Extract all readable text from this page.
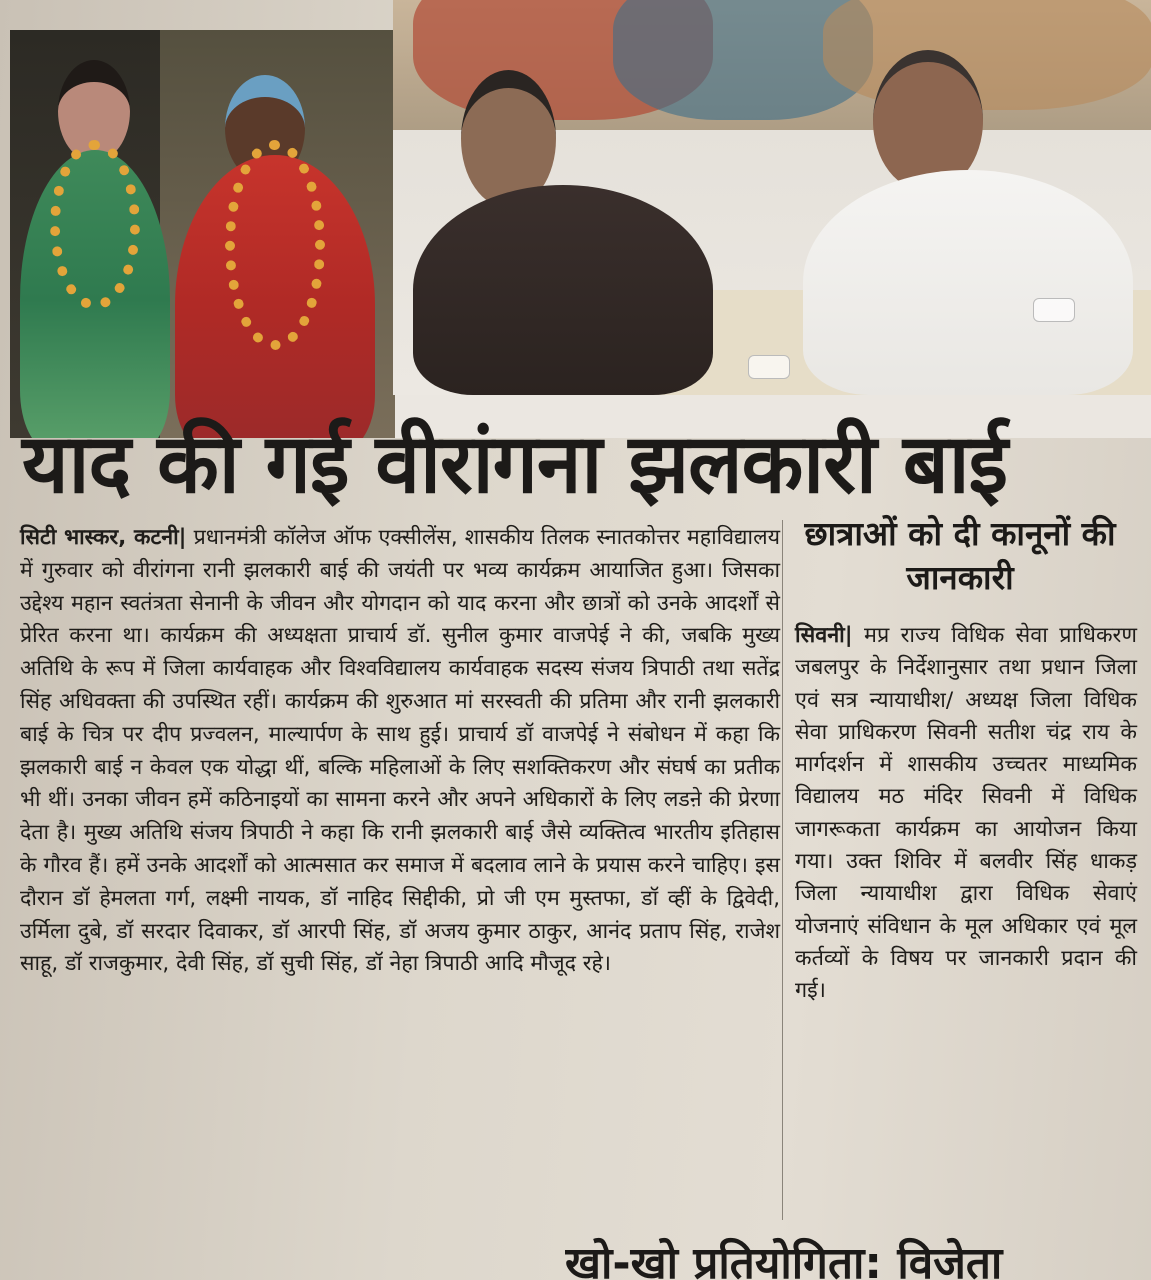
याद की गई वीरांगना झलकारी बाई
सिटी भास्कर, कटनी| प्रधानमंत्री कॉलेज ऑफ एक्सीलेंस, शासकीय तिलक स्नातकोत्तर महाविद्यालय में गुरुवार को वीरांगना रानी झलकारी बाई की जयंती पर भव्य कार्यक्रम आयाजित हुआ। जिसका उद्देश्य महान स्वतंत्रता सेनानी के जीवन और योगदान को याद करना और छात्रों को उनके आदर्शों से प्रेरित करना था। कार्यक्रम की अध्यक्षता प्राचार्य डॉ. सुनील कुमार वाजपेई ने की, जबकि मुख्य अतिथि के रूप में जिला कार्यवाहक और विश्वविद्यालय कार्यवाहक सदस्य संजय त्रिपाठी तथा सतेंद्र सिंह अधिवक्ता की उपस्थित रहीं। कार्यक्रम की शुरुआत मां सरस्वती की प्रतिमा और रानी झलकारी बाई के चित्र पर दीप प्रज्वलन, माल्यार्पण के साथ हुई। प्राचार्य डॉ वाजपेई ने संबोधन में कहा कि झलकारी बाई न केवल एक योद्धा थीं, बल्कि महिलाओं के लिए सशक्तिकरण और संघर्ष का प्रतीक भी थीं। उनका जीवन हमें कठिनाइयों का सामना करने और अपने अधिकारों के लिए लडऩे की प्रेरणा देता है। मुख्य अतिथि संजय त्रिपाठी ने कहा कि रानी झलकारी बाई जैसे व्यक्तित्व भारतीय इतिहास के गौरव हैं। हमें उनके आदर्शों को आत्मसात कर समाज में बदलाव लाने के प्रयास करने चाहिए। इस दौरान डॉ हेमलता गर्ग, लक्ष्मी नायक, डॉ नाहिद सिद्दीकी, प्रो जी एम मुस्तफा, डॉ व्हीं के द्विवेदी, उर्मिला दुबे, डॉ सरदार दिवाकर, डॉ आरपी सिंह, डॉ अजय कुमार ठाकुर, आनंद प्रताप सिंह, राजेश साहू, डॉ राजकुमार, देवी सिंह, डॉ सुची सिंह, डॉ नेहा त्रिपाठी आदि मौजूद रहे।
छात्राओं को दी कानूनों की जानकारी
सिवनी| मप्र राज्य विधिक सेवा प्राधिकरण जबलपुर के निर्देशानुसार तथा प्रधान जिला एवं सत्र न्यायाधीश/ अध्यक्ष जिला विधिक सेवा प्राधिकरण सिवनी सतीश चंद्र राय के मार्गदर्शन में शासकीय उच्चतर माध्यमिक विद्यालय मठ मंदिर सिवनी में विधिक जागरूकता कार्यक्रम का आयोजन किया गया। उक्त शिविर में बलवीर सिंह धाकड़ जिला न्यायाधीश द्वारा विधिक सेवाएं योजनाएं संविधान के मूल अधिकार एवं मूल कर्तव्यों के विषय पर जानकारी प्रदान की गई।
खो-खो प्रतियोगिता: विजेता
